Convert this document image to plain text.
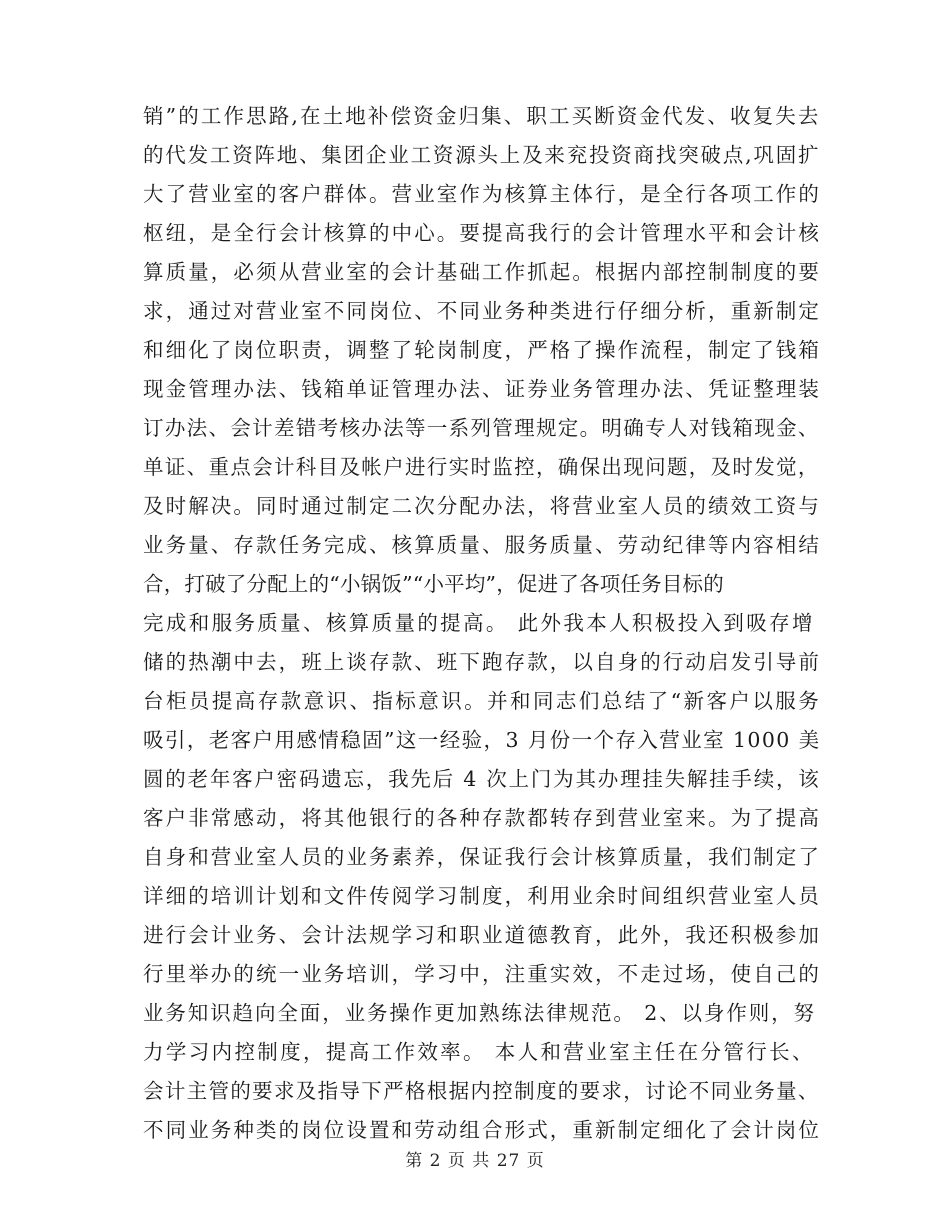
销”的工作思路,在土地补偿资金归集、职工买断资金代发、收复失去
的代发工资阵地、集团企业工资源头上及来兖投资商找突破点,巩固扩
大了营业室的客户群体。营业室作为核算主体行，是全行各项工作的
枢纽，是全行会计核算的中心。要提高我行的会计管理水平和会计核
算质量，必须从营业室的会计基础工作抓起。根据内部控制制度的要
求，通过对营业室不同岗位、不同业务种类进行仔细分析，重新制定
和细化了岗位职责，调整了轮岗制度，严格了操作流程，制定了钱箱
现金管理办法、钱箱单证管理办法、证券业务管理办法、凭证整理装
订办法、会计差错考核办法等一系列管理规定。明确专人对钱箱现金、
单证、重点会计科目及帐户进行实时监控，确保出现问题，及时发觉，
及时解决。同时通过制定二次分配办法，将营业室人员的绩效工资与
业务量、存款任务完成、核算质量、服务质量、劳动纪律等内容相结
合，打破了分配上的“小锅饭”“小平均”，促进了各项任务目标的
完成和服务质量、核算质量的提高。 此外我本人积极投入到吸存增
储的热潮中去，班上谈存款、班下跑存款，以自身的行动启发引导前
台柜员提高存款意识、指标意识。并和同志们总结了“新客户以服务
吸引，老客户用感情稳固”这一经验，3 月份一个存入营业室 1000 美
圆的老年客户密码遗忘，我先后 4 次上门为其办理挂失解挂手续，该
客户非常感动，将其他银行的各种存款都转存到营业室来。为了提高
自身和营业室人员的业务素养，保证我行会计核算质量，我们制定了
详细的培训计划和文件传阅学习制度，利用业余时间组织营业室人员
进行会计业务、会计法规学习和职业道德教育，此外，我还积极参加
行里举办的统一业务培训，学习中，注重实效，不走过场，使自己的
业务知识趋向全面，业务操作更加熟练法律规范。 2、以身作则，努
力学习内控制度，提高工作效率。 本人和营业室主任在分管行长、
会计主管的要求及指导下严格根据内控制度的要求，讨论不同业务量、
不同业务种类的岗位设置和劳动组合形式，重新制定细化了会计岗位
第 2 页 共 27 页
